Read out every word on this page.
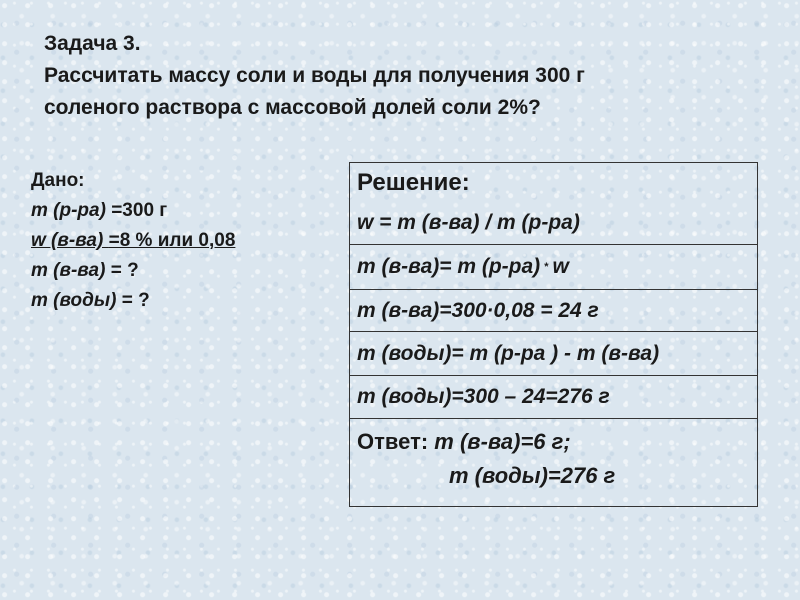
Задача 3.
Рассчитать массу соли и воды для получения 300 г
соленого раствора с массовой долей соли 2%?
Дано:
m (р-ра) =300 г
w (в-ва) =8 % или 0,08
m (в-ва) = ?
m (воды) = ?
Решение:
w = m (в-ва) / m (р-ра)
m (в-ва)= m (р-ра) * w
m (в-ва)=300·0,08 = 24 г
m (воды)= m (р-ра ) - m (в-ва)
m (воды)=300 – 24=276 г
Ответ: m (в-ва)=6 г;
m (воды)=276 г
